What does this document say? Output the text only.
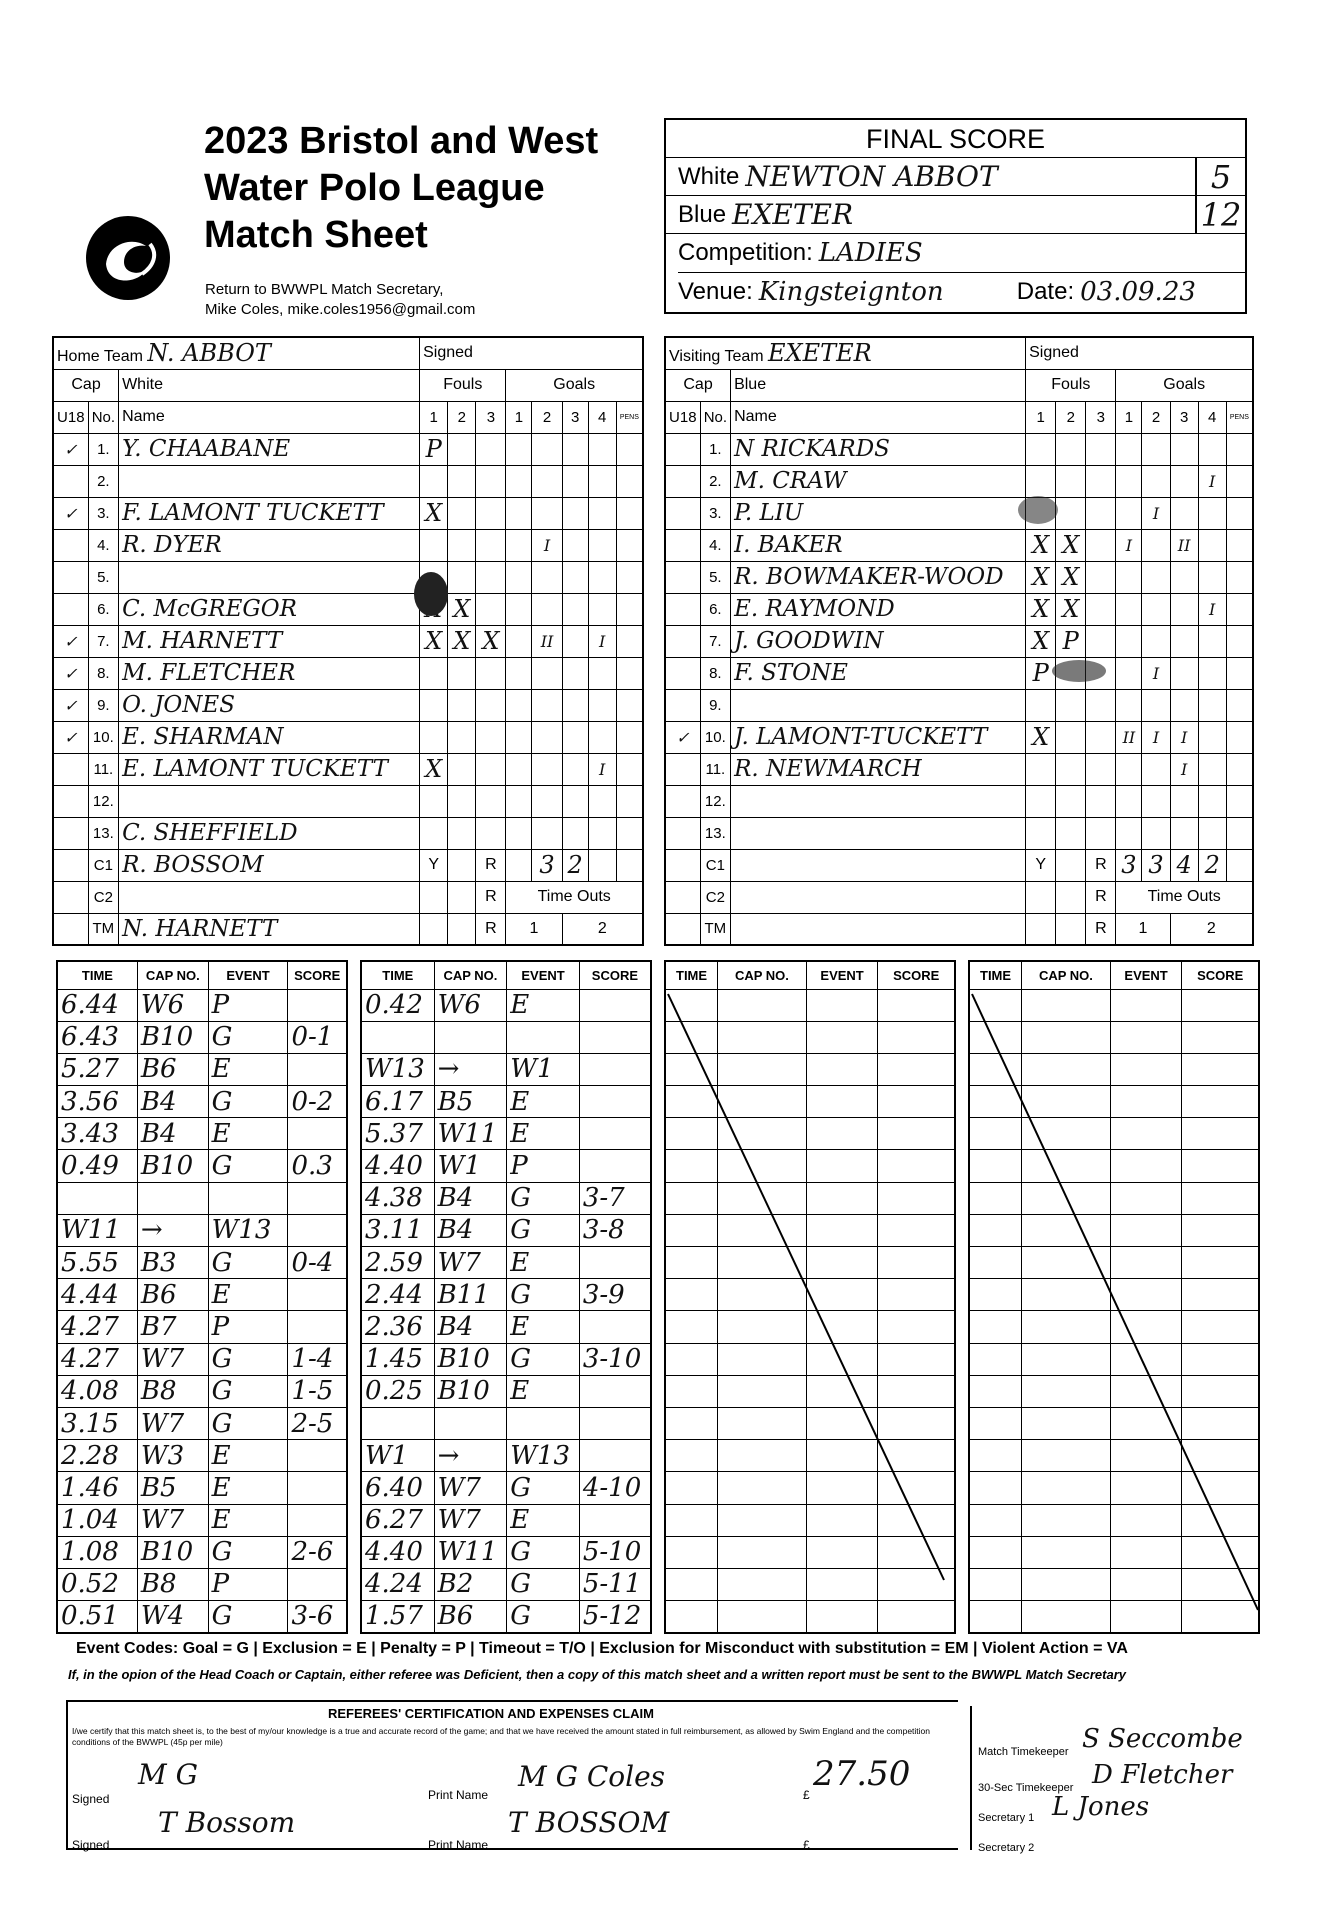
2023 Bristol and West
Water Polo League
Match Sheet
Return to BWWPL Match Secretary,
Mike Coles, mike.coles1956@gmail.com
FINAL SCORE
White NEWTON ABBOT	5
Blue EXETER	12
Competition: LADIES
Venue: Kingsteignton	Date: 03.09.23
Home Team N. ABBOT			Signed							
Cap		White	Fouls			Goals				
U18	No.	Name	1	2	3	1	2	3	4	PENS
✓	1.	Y. CHAABANE	P							
	2.									
✓	3.	F. LAMONT TUCKETT	X							
	4.	R. DYER					I			
	5.									
	6.	C. McGREGOR		X						
✓	7.	M. HARNETT	X	X	X		II		I	
✓	8.	M. FLETCHER								
✓	9.	O. JONES								
✓	10.	E. SHARMAN								
	11.	E. LAMONT TUCKETT	X						I	
	12.									
	13.	C. SHEFFIELD								
	C1	R. BOSSOM	Y		R		3	2		
	C2				R	Time Outs				
	TM	N. HARNETT			R	1		2		
Visiting Team EXETER			Signed							
Cap		Blue	Fouls			Goals				
U18	No.	Name	1	2	3	1	2	3	4	PENS
	1.	N RICKARDS								
	2.	M. CRAW							I	
	3.	P. LIU					I			
	4.	I. BAKER	X	X		I		II		
	5.	R. BOWMAKER-WOOD	X	X						
	6.	E. RAYMOND	X	X					I	
	7.	J. GOODWIN	X	P						
	8.	F. STONE	P				I			
	9.									
✓	10.	J. LAMONT-TUCKETT	X			II	I	I		
	11.	R. NEWMARCH						I		
	12.									
	13.									
	C1		Y		R	3	3	4	2	
	C2				R	Time Outs				
	TM				R	1		2		
TIME	CAP NO.	EVENT	SCORE
6.44	W6	P	
6.43	B10	G	0-1
5.27	B6	E	
3.56	B4	G	0-2
3.43	B4	E	
0.49	B10	G	0.3

W11	→	W13	
5.55	B3	G	0-4
4.44	B6	E	
4.27	B7	P	
4.27	W7	G	1-4
4.08	B8	G	1-5
3.15	W7	G	2-5
2.28	W3	E	
1.46	B5	E	
1.04	W7	E	
1.08	B10	G	2-6
0.52	B8	P	
0.51	W4	G	3-6
TIME	CAP NO.	EVENT	SCORE
0.42	W6	E	

W13	→	W1	
6.17	B5	E	
5.37	W11	E	
4.40	W1	P	
4.38	B4	G	3-7
3.11	B4	G	3-8
2.59	W7	E	
2.44	B11	G	3-9
2.36	B4	E	
1.45	B10	G	3-10
0.25	B10	E	

W1	→	W13	
6.40	W7	G	4-10
6.27	W7	E	
4.40	W11	G	5-10
4.24	B2	G	5-11
1.57	B6	G	5-12
TIME	CAP NO.	EVENT	SCORE

				TIME	CAP NO.	EVENT	SCORE

Event Codes: Goal = G | Exclusion = E | Penalty = P | Timeout = T/O | Exclusion for Misconduct with substitution = EM | Violent Action = VA
If, in the opion of the Head Coach or Captain, either referee was Deficient, then a copy of this match sheet and a written report must be sent to the BWWPL Match Secretary
REFEREES' CERTIFICATION AND EXPENSES CLAIM
I/we certify that this match sheet is, to the best of my/our knowledge is a true and accurate record of the game; and that we have received the amount stated in full reimbursement, as allowed by Swim England and the competition conditions of the BWWPL (45p per mile)
Signed
M G
Print Name
M G Coles
£
27.50
Signed
T Bossom
Print Name
T BOSSOM
£
Match Timekeeper S Seccombe
30-Sec Timekeeper D Fletcher
Secretary 1 L Jones
Secretary 2
